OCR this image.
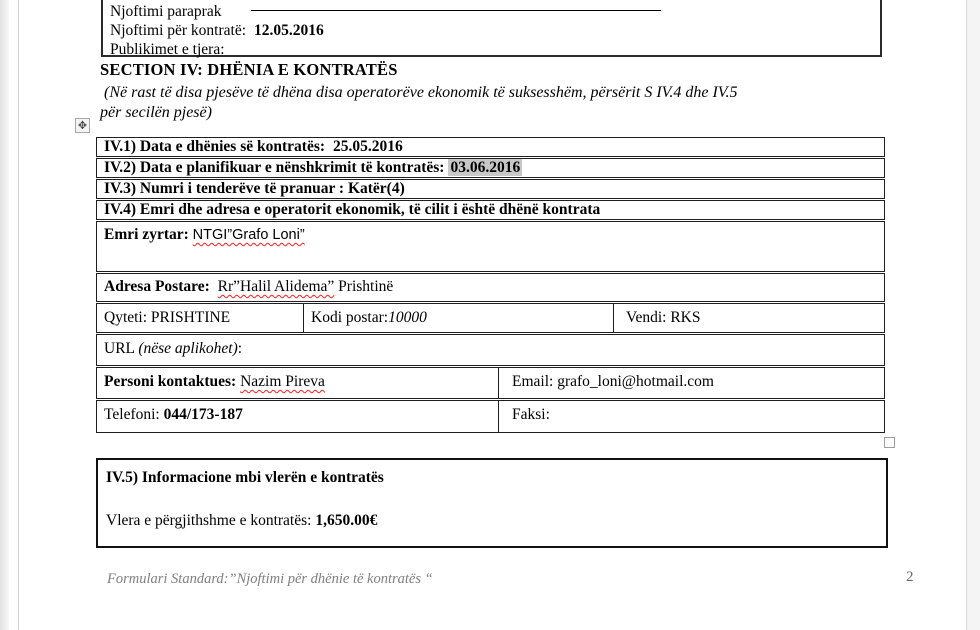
Njoftimi paraprak
Njoftimi për kontratë: 12.05.2016
Publikimet e tjera:
SECTION IV: DHËNIA E KONTRATËS
(Në rast të disa pjesëve të dhëna disa operatorëve ekonomik të suksesshëm, përsërit S IV.4 dhe IV.5
për secilën pjesë)
✥
IV.1) Data e dhënies së kontratës: 25.05.2016
IV.2) Data e planifikuar e nënshkrimit të kontratës: 03.06.2016
IV.3) Numri i tenderëve të pranuar : Katër(4)
IV.4) Emri dhe adresa e operatorit ekonomik, të cilit i është dhënë kontrata
Emri zyrtar: NTGI”Grafo Loni”
Adresa Postare: Rr”Halil Alidema” Prishtinë
Qyteti: PRISHTINE	Kodi postar:10000	Vendi: RKS
URL (nëse aplikohet):
Personi kontaktues: Nazim Pireva	Email: grafo_loni@hotmail.com
Telefoni: 044/173-187	Faksi:
IV.5) Informacione mbi vlerën e kontratës
Vlera e përgjithshme e kontratës: 1,650.00€
Formulari Standard:”Njoftimi për dhënie të kontratës “	2
